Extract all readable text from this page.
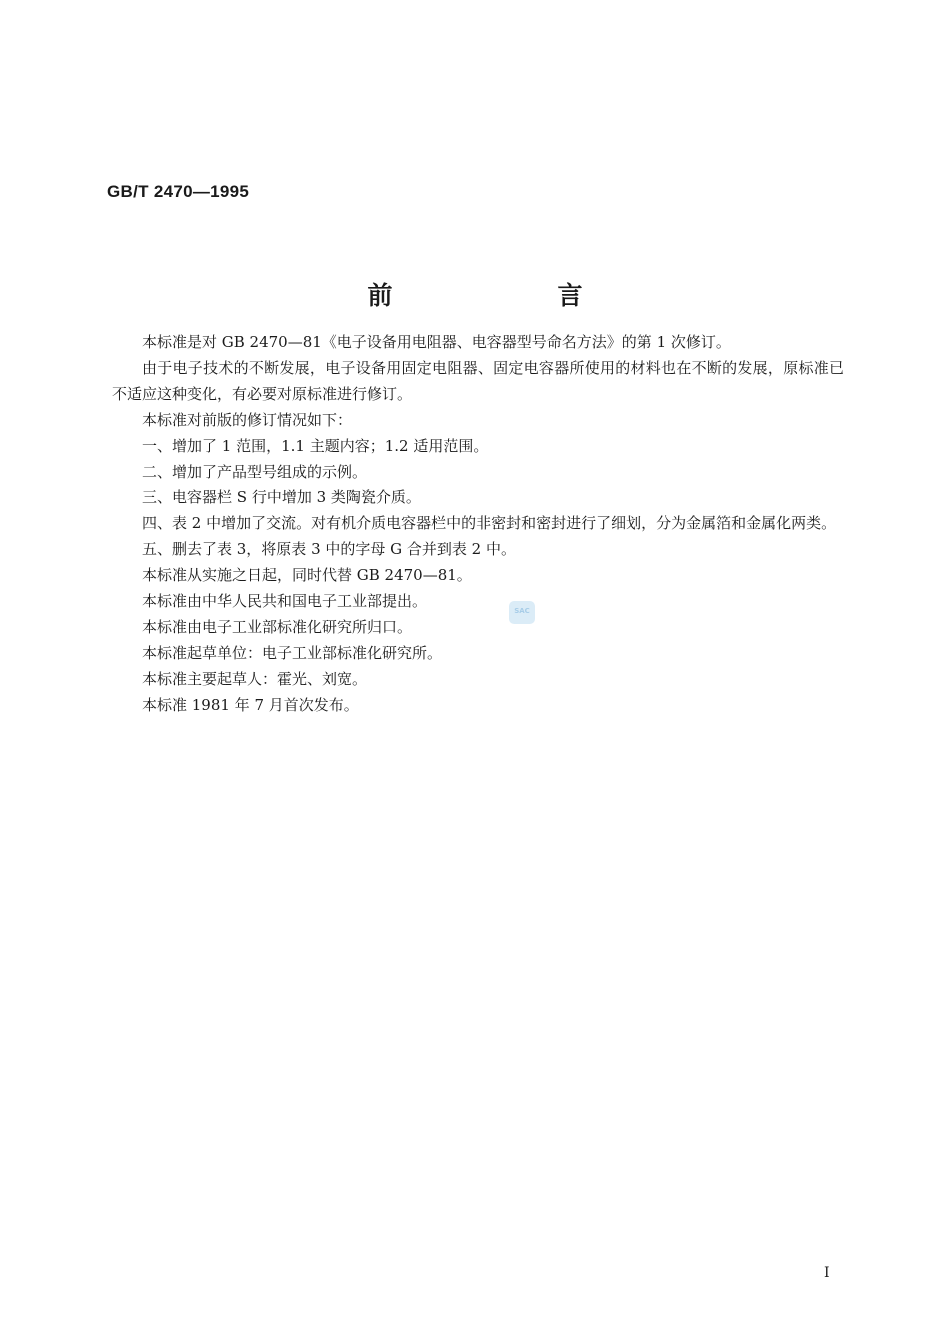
GB/T 2470—1995
前　言

本标准是对 GB 2470—81《电子设备用电阻器、电容器型号命名方法》的第 1 次修订。

由于电子技术的不断发展，电子设备用固定电阻器、固定电容器所使用的材料也在不断的发展，原标准已不适应这种变化，有必要对原标准进行修订。

本标准对前版的修订情况如下：

一、增加了 1 范围，1.1 主题内容；1.2 适用范围。

二、增加了产品型号组成的示例。

三、电容器栏 S 行中增加 3 类陶瓷介质。

四、表 2 中增加了交流。对有机介质电容器栏中的非密封和密封进行了细划，分为金属箔和金属化两类。

五、删去了表 3，将原表 3 中的字母 G 合并到表 2 中。

本标准从实施之日起，同时代替 GB 2470—81。

本标准由中华人民共和国电子工业部提出。

本标准由电子工业部标准化研究所归口。

本标准起草单位：电子工业部标准化研究所。

本标准主要起草人：霍光、刘宽。

本标准 1981 年 7 月首次发布。

SAC
I
